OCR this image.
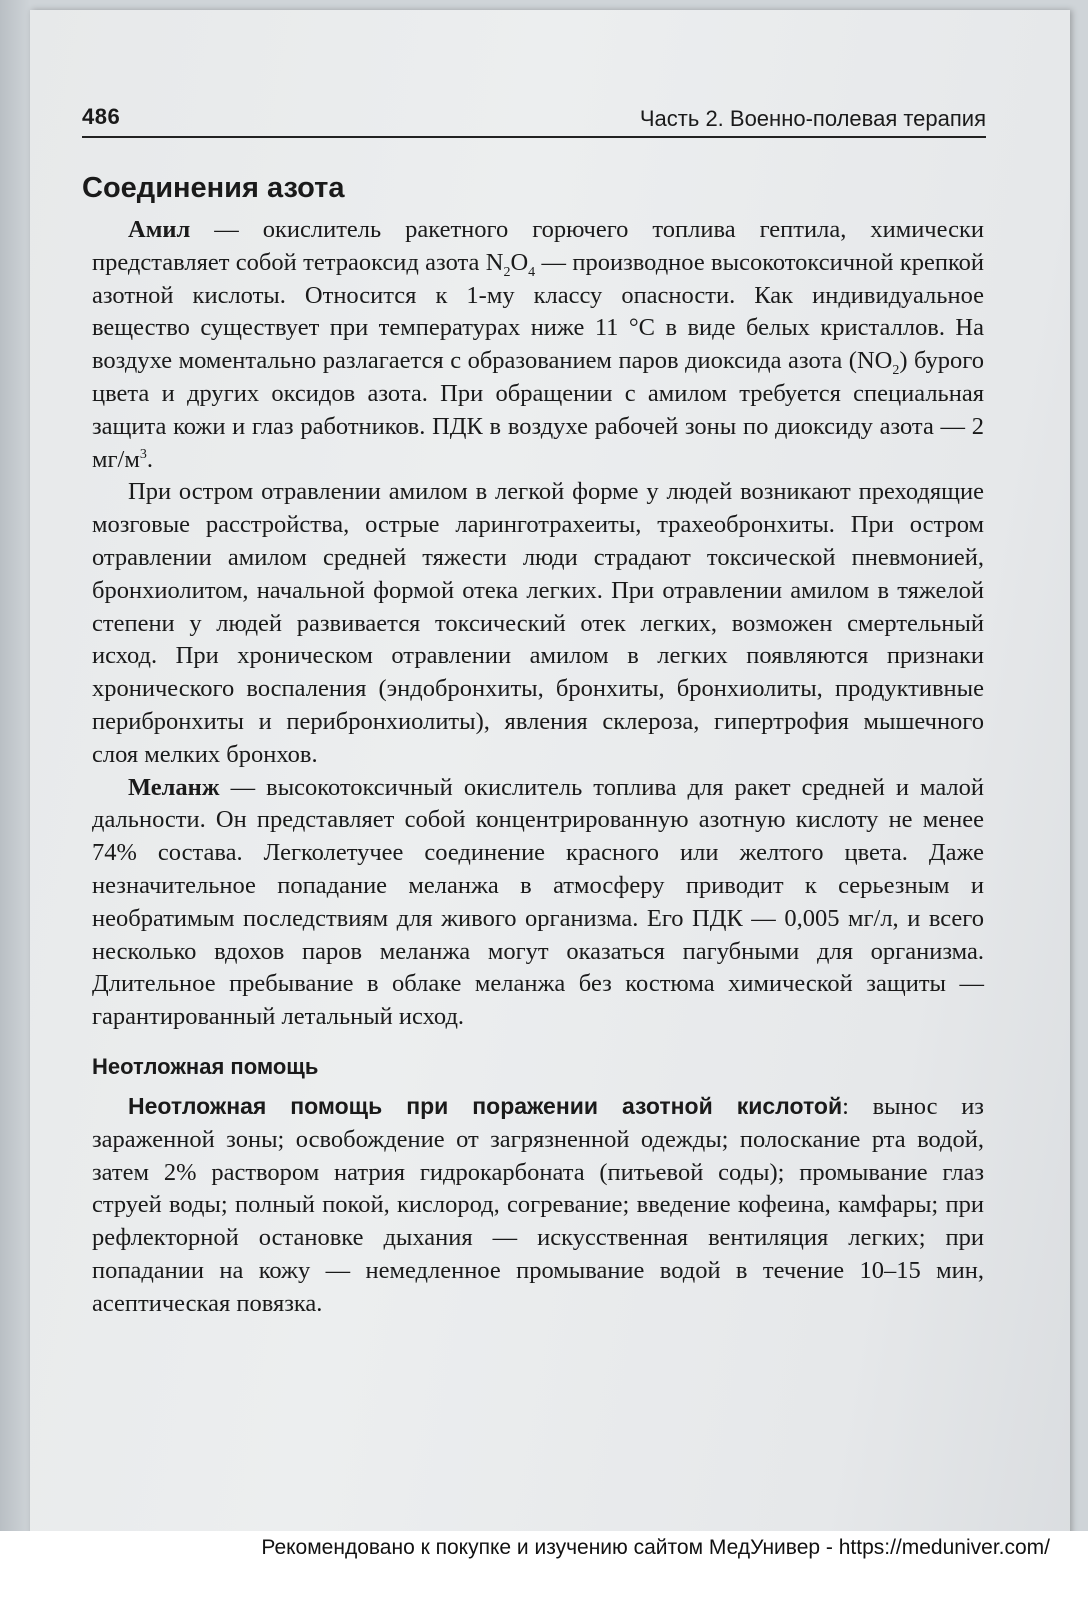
486	Часть 2. Военно-полевая терапия
Соединения азота

Амил — окислитель ракетного горючего топлива гептила, химически представляет собой тетраоксид азота $N_2O_4$ — производное высокотоксичной крепкой азотной кислоты. Относится к 1-му классу опасности. Как индивидуальное вещество существует при температурах ниже 11 °С в виде белых кристаллов. На воздухе моментально разлагается с образованием паров диоксида азота $(NO_2)$ бурого цвета и других оксидов азота. При обращении с амилом требуется специальная защита кожи и глаз работников. ПДК в воздухе рабочей зоны по диоксиду азота — 2 $мг/м^3$.

При остром отравлении амилом в легкой форме у людей возникают преходящие мозговые расстройства, острые ларинготрахеиты, трахеобронхиты. При остром отравлении амилом средней тяжести люди страдают токсической пневмонией, бронхиолитом, начальной формой отека легких. При отравлении амилом в тяжелой степени у людей развивается токсический отек легких, возможен смертельный исход. При хроническом отравлении амилом в легких появляются признаки хронического воспаления (эндобронхиты, бронхиты, бронхиолиты, продуктивные перибронхиты и перибронхиолиты), явления склероза, гипертрофия мышечного слоя мелких бронхов.

Меланж — высокотоксичный окислитель топлива для ракет средней и малой дальности. Он представляет собой концентрированную азотную кислоту не менее 74% состава. Легколетучее соединение красного или желтого цвета. Даже незначительное попадание меланжа в атмосферу приводит к серьезным и необратимым последствиям для живого организма. Его ПДК — 0,005 мг/л, и всего несколько вдохов паров меланжа могут оказаться пагубными для организма. Длительное пребывание в облаке меланжа без костюма химической защиты — гарантированный летальный исход.

Неотложная помощь

Неотложная помощь при поражении азотной кислотой: вынос из зараженной зоны; освобождение от загрязненной одежды; полоскание рта водой, затем 2% раствором натрия гидрокарбоната (питьевой соды); промывание глаз струей воды; полный покой, кислород, согревание; введение кофеина, камфары; при рефлекторной остановке дыхания — искусственная вентиляция легких; при попадании на кожу — немедленное промывание водой в течение 10–15 мин, асептическая повязка.

Рекомендовано к покупке и изучению сайтом МедУнивер - https://meduniver.com/
